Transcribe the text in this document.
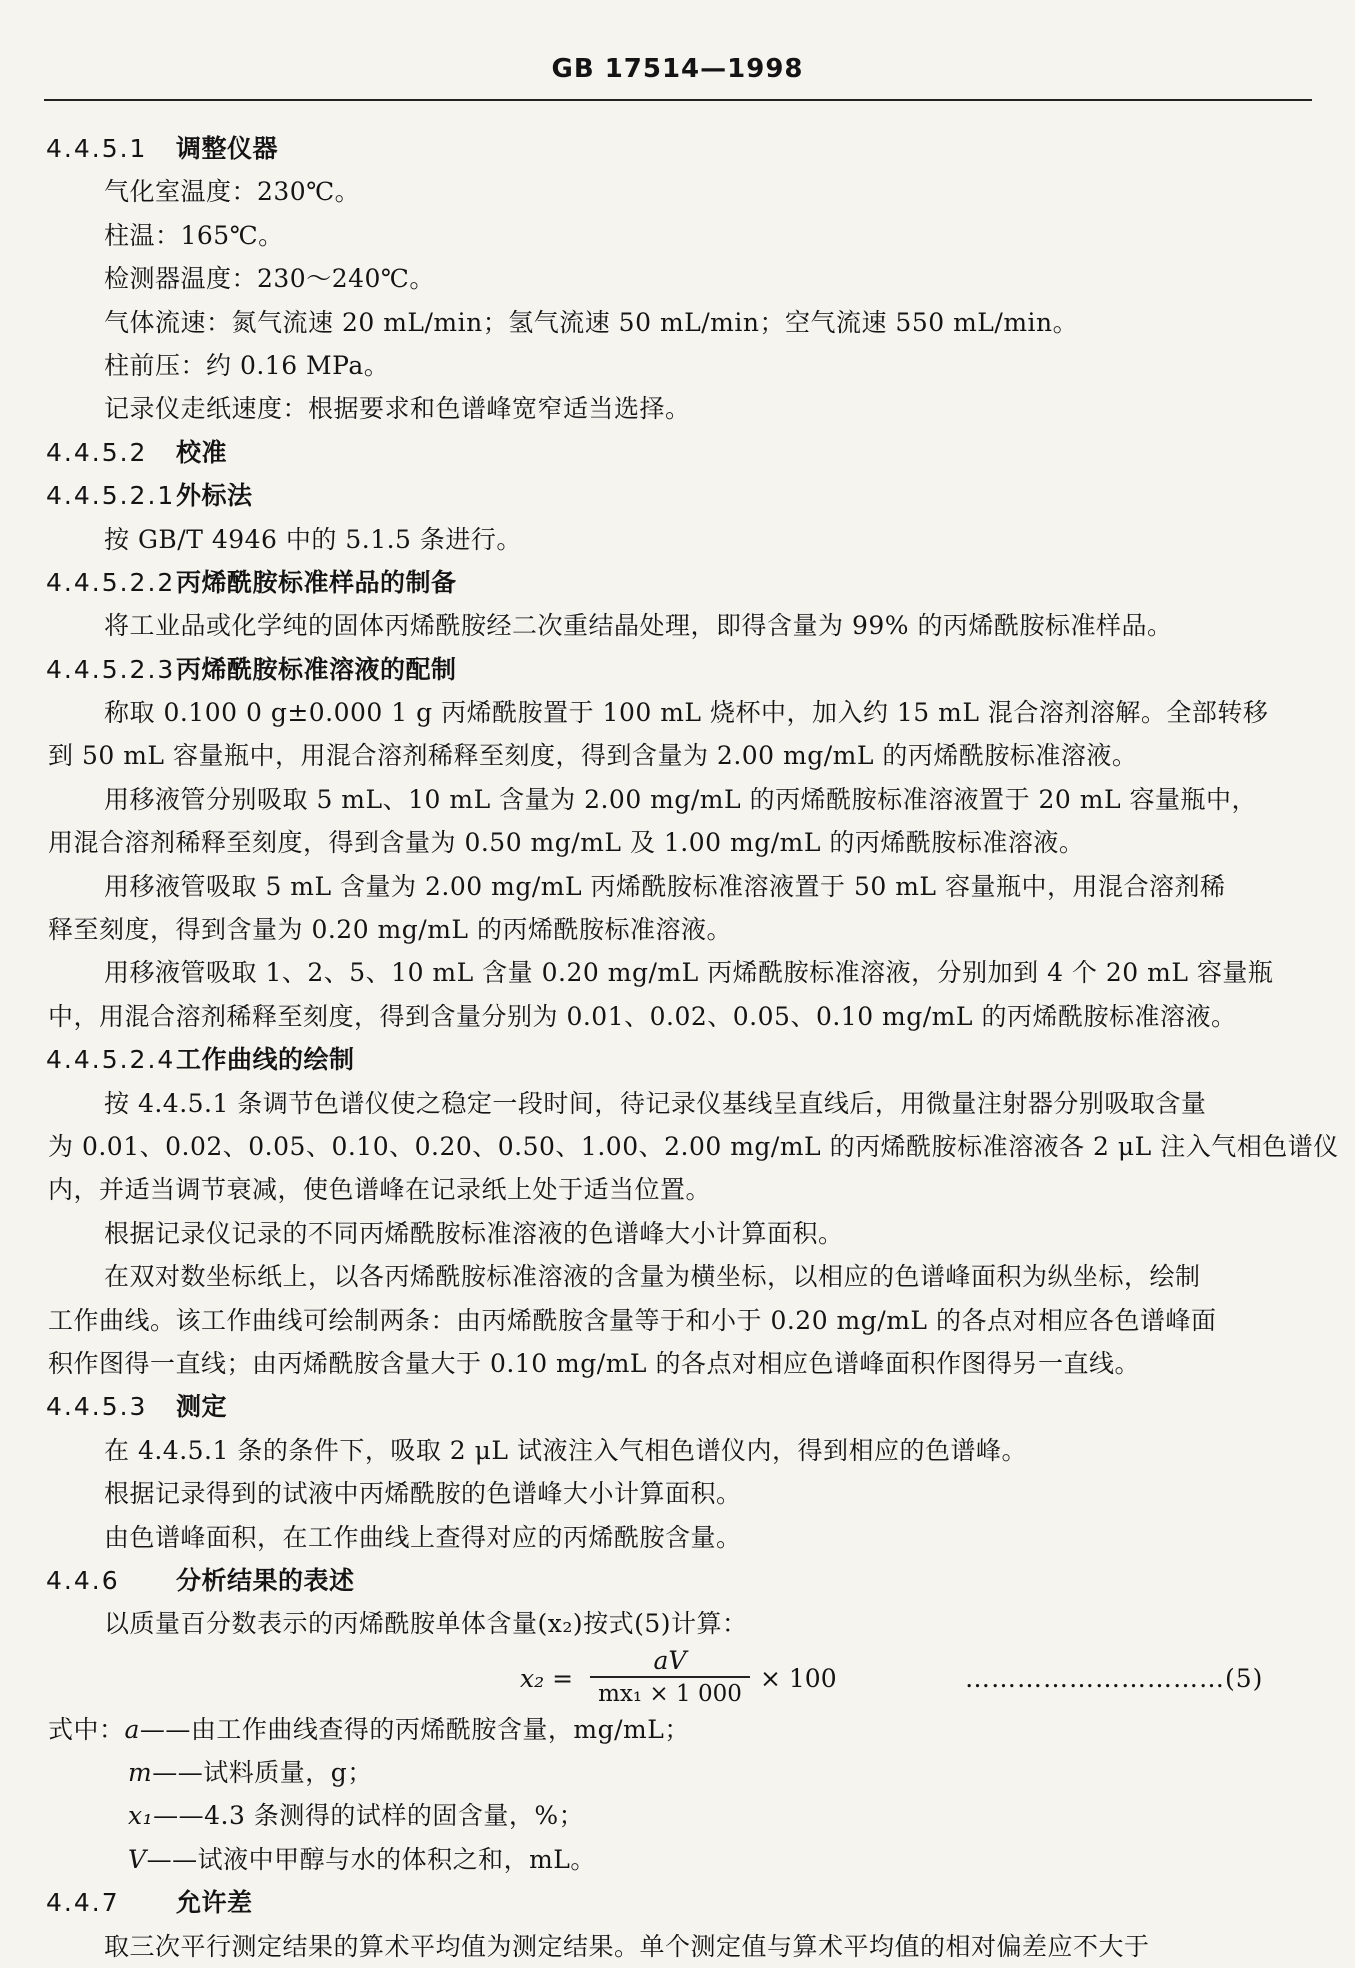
GB 17514—1998
4.4.5.1 调整仪器
气化室温度：230℃。
柱温：165℃。
检测器温度：230～240℃。
气体流速：氮气流速 20 mL/min；氢气流速 50 mL/min；空气流速 550 mL/min。
柱前压：约 0.16 MPa。
记录仪走纸速度：根据要求和色谱峰宽窄适当选择。
4.4.5.2 校准
4.4.5.2.1外标法
按 GB/T 4946 中的 5.1.5 条进行。
4.4.5.2.2丙烯酰胺标准样品的制备
将工业品或化学纯的固体丙烯酰胺经二次重结晶处理，即得含量为 99% 的丙烯酰胺标准样品。
4.4.5.2.3丙烯酰胺标准溶液的配制
称取 0.100 0 g±0.000 1 g 丙烯酰胺置于 100 mL 烧杯中，加入约 15 mL 混合溶剂溶解。全部转移
到 50 mL 容量瓶中，用混合溶剂稀释至刻度，得到含量为 2.00 mg/mL 的丙烯酰胺标准溶液。
用移液管分别吸取 5 mL、10 mL 含量为 2.00 mg/mL 的丙烯酰胺标准溶液置于 20 mL 容量瓶中，
用混合溶剂稀释至刻度，得到含量为 0.50 mg/mL 及 1.00 mg/mL 的丙烯酰胺标准溶液。
用移液管吸取 5 mL 含量为 2.00 mg/mL 丙烯酰胺标准溶液置于 50 mL 容量瓶中，用混合溶剂稀
释至刻度，得到含量为 0.20 mg/mL 的丙烯酰胺标准溶液。
用移液管吸取 1、2、5、10 mL 含量 0.20 mg/mL 丙烯酰胺标准溶液，分别加到 4 个 20 mL 容量瓶
中，用混合溶剂稀释至刻度，得到含量分别为 0.01、0.02、0.05、0.10 mg/mL 的丙烯酰胺标准溶液。
4.4.5.2.4工作曲线的绘制
按 4.4.5.1 条调节色谱仪使之稳定一段时间，待记录仪基线呈直线后，用微量注射器分别吸取含量
为 0.01、0.02、0.05、0.10、0.20、0.50、1.00、2.00 mg/mL 的丙烯酰胺标准溶液各 2 μL 注入气相色谱仪
内，并适当调节衰减，使色谱峰在记录纸上处于适当位置。
根据记录仪记录的不同丙烯酰胺标准溶液的色谱峰大小计算面积。
在双对数坐标纸上，以各丙烯酰胺标准溶液的含量为横坐标，以相应的色谱峰面积为纵坐标，绘制
工作曲线。该工作曲线可绘制两条：由丙烯酰胺含量等于和小于 0.20 mg/mL 的各点对相应各色谱峰面
积作图得一直线；由丙烯酰胺含量大于 0.10 mg/mL 的各点对相应色谱峰面积作图得另一直线。
4.4.5.3 测定
在 4.4.5.1 条的条件下，吸取 2 μL 试液注入气相色谱仪内，得到相应的色谱峰。
根据记录得到的试液中丙烯酰胺的色谱峰大小计算面积。
由色谱峰面积，在工作曲线上查得对应的丙烯酰胺含量。
4.4.6 分析结果的表述
以质量百分数表示的丙烯酰胺单体含量(x₂)按式(5)计算：
$x_2 = \frac{aV}{\text{mx₁ × 1 000}} \times 100$	…………………………(5)
式中：a——由工作曲线查得的丙烯酰胺含量，mg/mL；
m——试料质量，g；
x₁——4.3 条测得的试样的固含量，%；
V——试液中甲醇与水的体积之和，mL。
4.4.7 允许差
取三次平行测定结果的算术平均值为测定结果。单个测定值与算术平均值的相对偏差应不大于
